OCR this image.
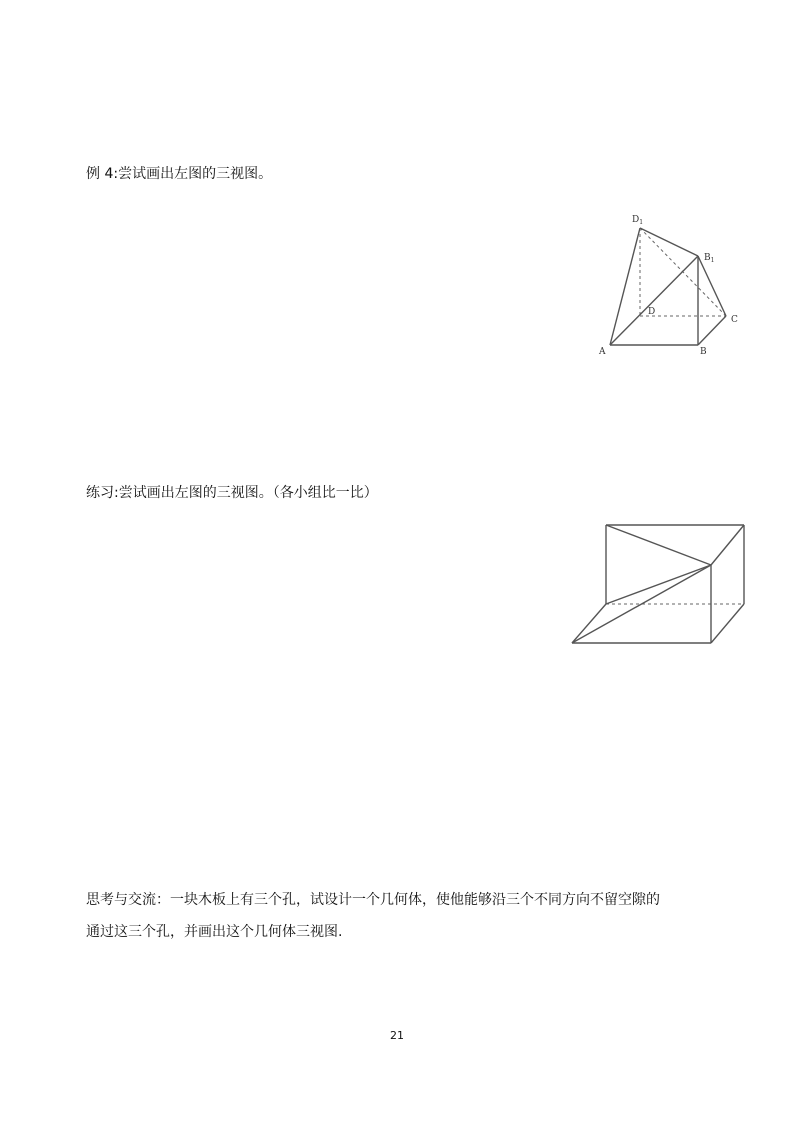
例 4:尝试画出左图的三视图。
$D_1$
$B_1$
D
C
A	B
练习:尝试画出左图的三视图。（各小组比一比）
思考与交流：一块木板上有三个孔，试设计一个几何体，使他能够沿三个不同方向不留空隙的
通过这三个孔，并画出这个几何体三视图.
21
